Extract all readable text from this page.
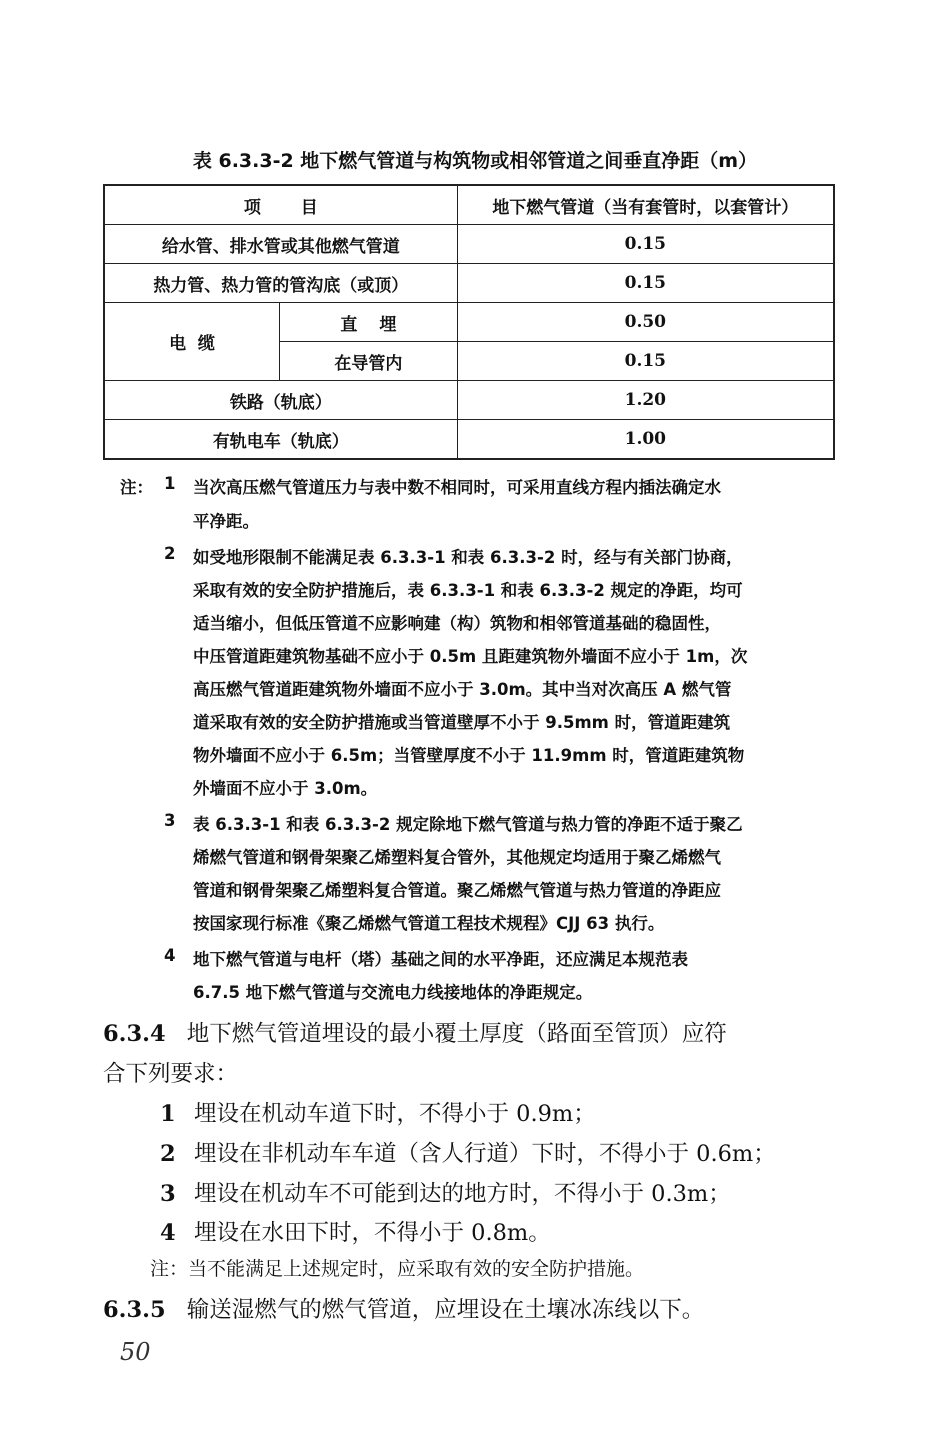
表 6.3.3-2 地下燃气管道与构筑物或相邻管道之间垂直净距（m）
项目		地下燃气管道（当有套管时，以套管计）
给水管、排水管或其他燃气管道		0.15
热力管、热力管的管沟底（或顶）		0.15
电  缆	直埋	0.50
	在导管内	0.15
铁路（轨底）		1.20
有轨电车（轨底）		1.00
注： 1 当次高压燃气管道压力与表中数不相同时，可采用直线方程内插法确定水
平净距。
2 如受地形限制不能满足表 6.3.3-1 和表 6.3.3-2 时，经与有关部门协商，
采取有效的安全防护措施后，表 6.3.3-1 和表 6.3.3-2 规定的净距，均可
适当缩小，但低压管道不应影响建（构）筑物和相邻管道基础的稳固性，
中压管道距建筑物基础不应小于 0.5m 且距建筑物外墙面不应小于 1m，次
高压燃气管道距建筑物外墙面不应小于 3.0m。其中当对次高压 A 燃气管
道采取有效的安全防护措施或当管道壁厚不小于 9.5mm 时，管道距建筑
物外墙面不应小于 6.5m；当管壁厚度不小于 11.9mm 时，管道距建筑物
外墙面不应小于 3.0m。
3 表 6.3.3-1 和表 6.3.3-2 规定除地下燃气管道与热力管的净距不适于聚乙
烯燃气管道和钢骨架聚乙烯塑料复合管外，其他规定均适用于聚乙烯燃气
管道和钢骨架聚乙烯塑料复合管道。聚乙烯燃气管道与热力管道的净距应
按国家现行标准《聚乙烯燃气管道工程技术规程》CJJ 63 执行。
4 地下燃气管道与电杆（塔）基础之间的水平净距，还应满足本规范表
6.7.5 地下燃气管道与交流电力线接地体的净距规定。
6.3.4 地下燃气管道埋设的最小覆土厚度（路面至管顶）应符
合下列要求：
1 埋设在机动车道下时，不得小于 0.9m；
2 埋设在非机动车车道（含人行道）下时，不得小于 0.6m；
3 埋设在机动车不可能到达的地方时，不得小于 0.3m；
4 埋设在水田下时，不得小于 0.8m。
注：当不能满足上述规定时，应采取有效的安全防护措施。
6.3.5 输送湿燃气的燃气管道，应埋设在土壤冰冻线以下。
50
